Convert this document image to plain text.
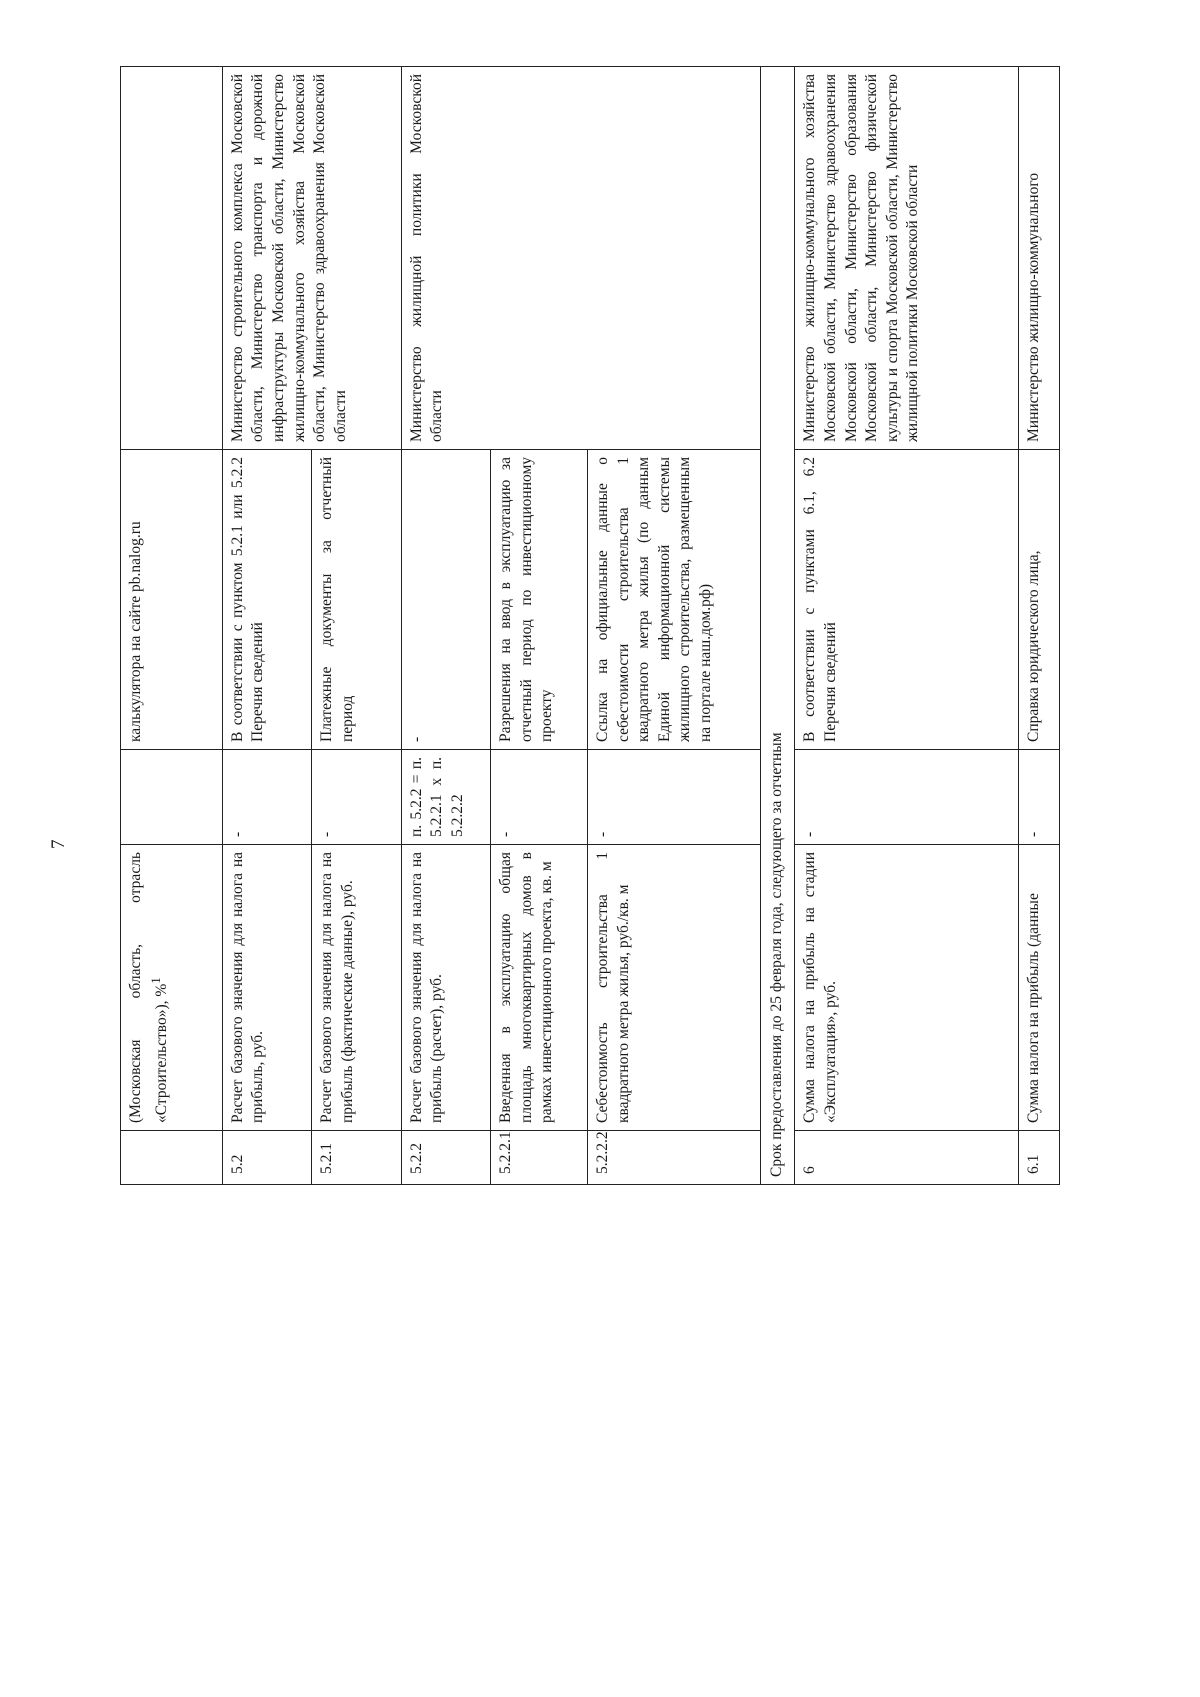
7
	(Московская область, отрасль «Строительство»), %$^1$		калькулятора на сайте pb.nalog.ru	
5.2	Расчет базового значения для налога на прибыль, руб.	-	В соответствии с пунктом 5.2.1 или 5.2.2 Перечня сведений	Министерство строительного комплекса Московской области, Министерство транспорта и дорожной инфраструктуры Московской области, Министерство жилищно-коммунального хозяйства Московской области, Министерство здравоохранения Московской области
5.2.1	Расчет базового значения для налога на прибыль (фактические данные), руб.	-	Платежные документы за отчетный период	
5.2.2	Расчет базового значения для налога на прибыль (расчет), руб.	п. 5.2.2 = п. 5.2.2.1 х п. 5.2.2.2	-	Министерство жилищной политики Московской области
5.2.2.1	Введенная в эксплуатацию общая площадь многоквартирных домов в рамках инвестиционного проекта, кв. м	-	Разрешения на ввод в эксплуатацию за отчетный период по инвестиционному проекту	
5.2.2.2	Себестоимость строительства 1 квадратного метра жилья, руб./кв. м	-	Ссылка на официальные данные о себестоимости строительства 1 квадратного метра жилья (по данным Единой информационной системы жилищного строительства, размещенным на портале наш.дом.рф)	
Срок предоставления до 25 февраля года, следующего за отчетным				
6	Сумма налога на прибыль на стадии «Эксплуатация», руб.	-	В соответствии с пунктами 6.1, 6.2 Перечня сведений	Министерство жилищно-коммунального хозяйства Московской области, Министерство здравоохранения Московской области, Министерство образования Московской области, Министерство физической культуры и спорта Московской области, Министерство жилищной политики Московской области
6.1	Сумма налога на прибыль (данные	-	Справка юридического лица,	Министерство жилищно-коммунального
